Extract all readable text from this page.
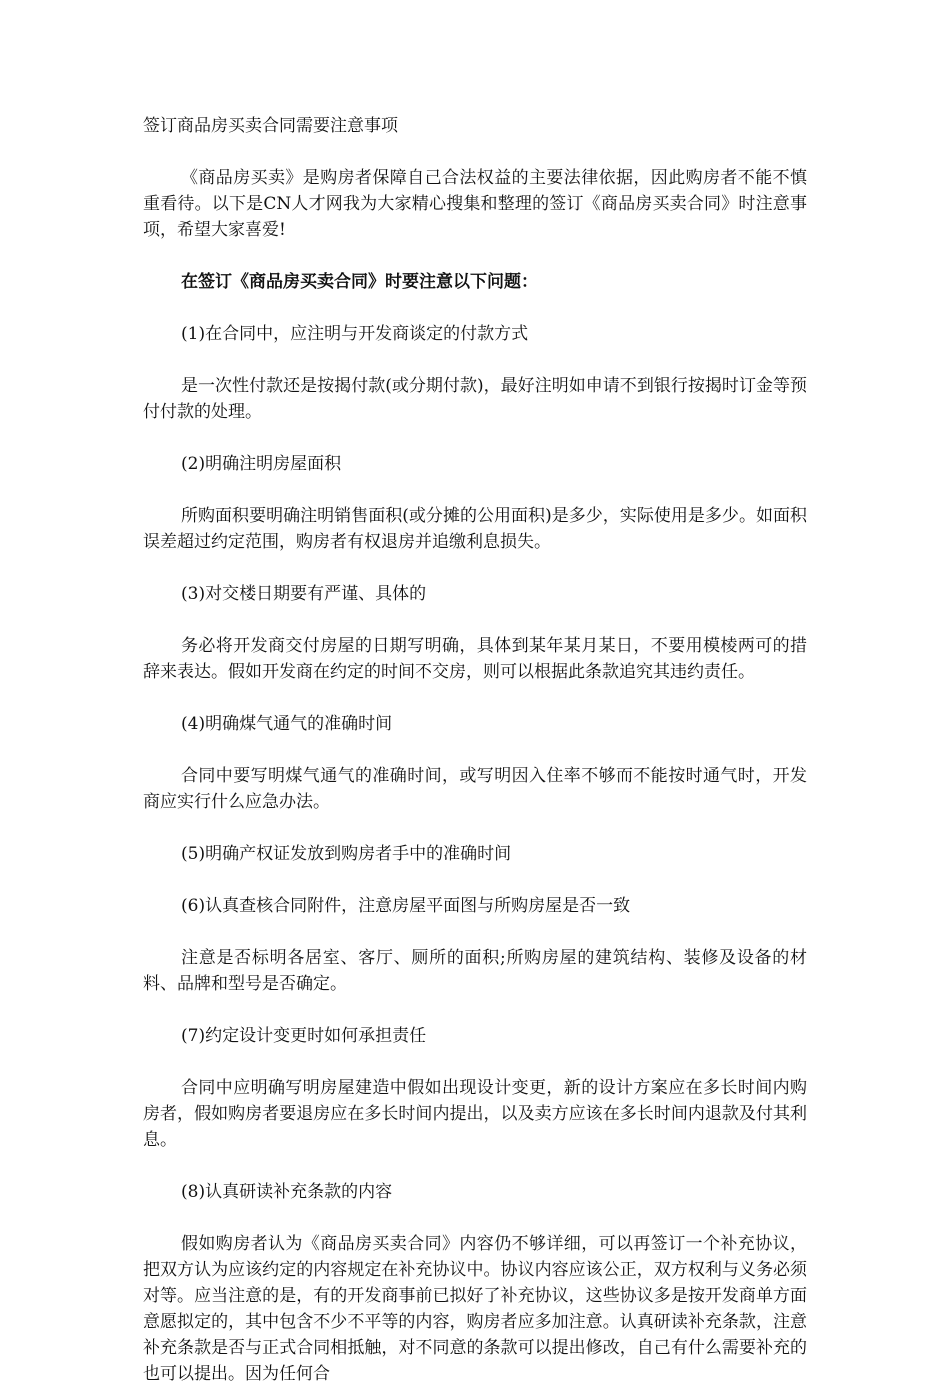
签订商品房买卖合同需要注意事项

《商品房买卖》是购房者保障自己合法权益的主要法律依据，因此购房者不能不慎重看待。以下是CN人才网我为大家精心搜集和整理的签订《商品房买卖合同》时注意事项，希望大家喜爱!

在签订《商品房买卖合同》时要注意以下问题：

(1)在合同中，应注明与开发商谈定的付款方式

是一次性付款还是按揭付款(或分期付款)，最好注明如申请不到银行按揭时订金等预付付款的处理。

(2)明确注明房屋面积

所购面积要明确注明销售面积(或分摊的公用面积)是多少，实际使用是多少。如面积误差超过约定范围，购房者有权退房并追缴利息损失。

(3)对交楼日期要有严谨、具体的

务必将开发商交付房屋的日期写明确，具体到某年某月某日，不要用模棱两可的措辞来表达。假如开发商在约定的时间不交房，则可以根据此条款追究其违约责任。

(4)明确煤气通气的准确时间

合同中要写明煤气通气的准确时间，或写明因入住率不够而不能按时通气时，开发商应实行什么应急办法。

(5)明确产权证发放到购房者手中的准确时间

(6)认真查核合同附件，注意房屋平面图与所购房屋是否一致

注意是否标明各居室、客厅、厕所的面积;所购房屋的建筑结构、装修及设备的材料、品牌和型号是否确定。

(7)约定设计变更时如何承担责任

合同中应明确写明房屋建造中假如出现设计变更，新的设计方案应在多长时间内购房者，假如购房者要退房应在多长时间内提出，以及卖方应该在多长时间内退款及付其利息。

(8)认真研读补充条款的内容

假如购房者认为《商品房买卖合同》内容仍不够详细，可以再签订一个补充协议，把双方认为应该约定的内容规定在补充协议中。协议内容应该公正，双方权利与义务必须对等。应当注意的是，有的开发商事前已拟好了补充协议，这些协议多是按开发商单方面意愿拟定的，其中包含不少不平等的内容，购房者应多加注意。认真研读补充条款，注意补充条款是否与正式合同相抵触，对不同意的条款可以提出修改，自己有什么需要补充的也可以提出。因为任何合
